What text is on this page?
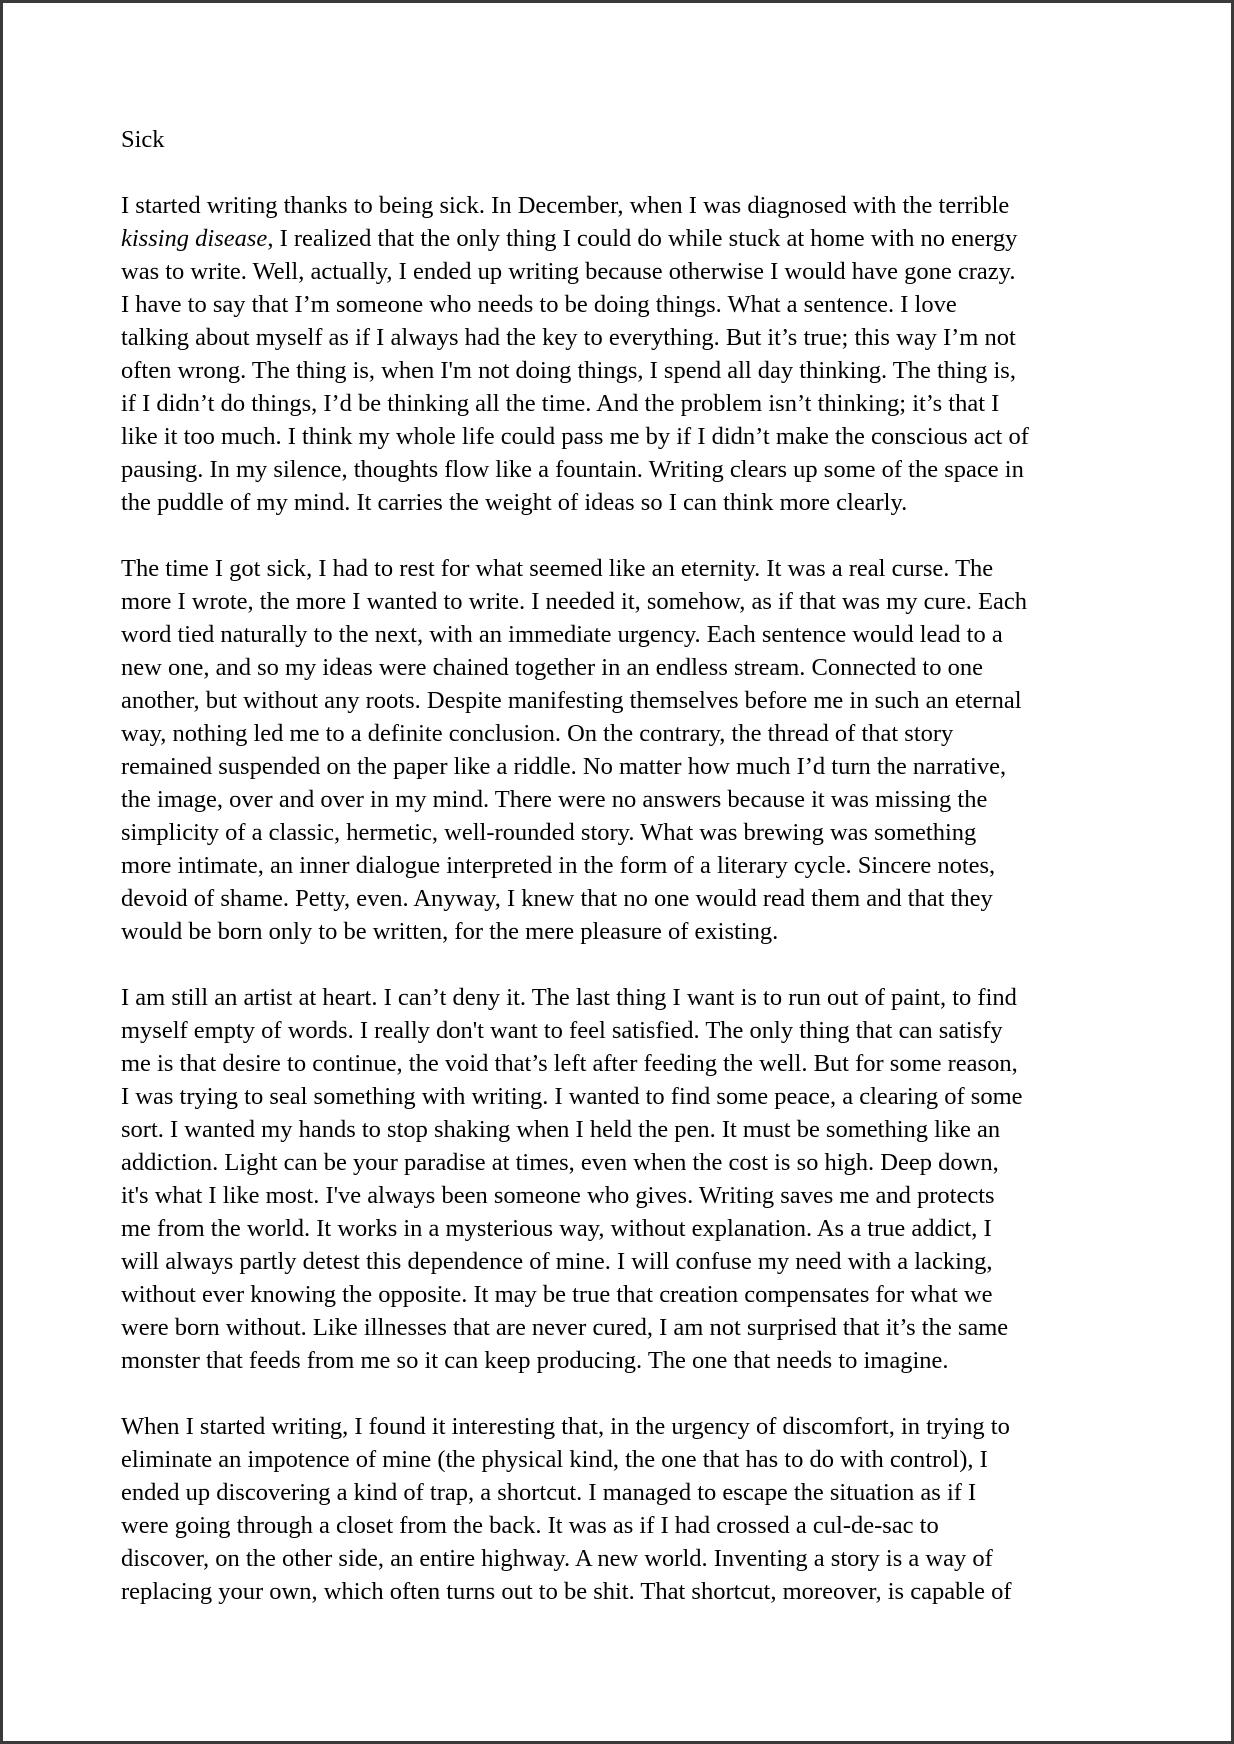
Sick
I started writing thanks to being sick. In December, when I was diagnosed with the terrible
kissing disease, I realized that the only thing I could do while stuck at home with no energy
was to write. Well, actually, I ended up writing because otherwise I would have gone crazy.
I have to say that I’m someone who needs to be doing things. What a sentence. I love
talking about myself as if I always had the key to everything. But it’s true; this way I’m not
often wrong. The thing is, when I'm not doing things, I spend all day thinking. The thing is,
if I didn’t do things, I’d be thinking all the time. And the problem isn’t thinking; it’s that I
like it too much. I think my whole life could pass me by if I didn’t make the conscious act of
pausing. In my silence, thoughts flow like a fountain. Writing clears up some of the space in
the puddle of my mind. It carries the weight of ideas so I can think more clearly.
The time I got sick, I had to rest for what seemed like an eternity. It was a real curse. The
more I wrote, the more I wanted to write. I needed it, somehow, as if that was my cure. Each
word tied naturally to the next, with an immediate urgency. Each sentence would lead to a
new one, and so my ideas were chained together in an endless stream. Connected to one
another, but without any roots. Despite manifesting themselves before me in such an eternal
way, nothing led me to a definite conclusion. On the contrary, the thread of that story
remained suspended on the paper like a riddle. No matter how much I’d turn the narrative,
the image, over and over in my mind. There were no answers because it was missing the
simplicity of a classic, hermetic, well-rounded story. What was brewing was something
more intimate, an inner dialogue interpreted in the form of a literary cycle. Sincere notes,
devoid of shame. Petty, even. Anyway, I knew that no one would read them and that they
would be born only to be written, for the mere pleasure of existing.
I am still an artist at heart. I can’t deny it. The last thing I want is to run out of paint, to find
myself empty of words. I really don't want to feel satisfied. The only thing that can satisfy
me is that desire to continue, the void that’s left after feeding the well. But for some reason,
I was trying to seal something with writing. I wanted to find some peace, a clearing of some
sort. I wanted my hands to stop shaking when I held the pen. It must be something like an
addiction. Light can be your paradise at times, even when the cost is so high. Deep down,
it's what I like most. I've always been someone who gives. Writing saves me and protects
me from the world. It works in a mysterious way, without explanation. As a true addict, I
will always partly detest this dependence of mine. I will confuse my need with a lacking,
without ever knowing the opposite. It may be true that creation compensates for what we
were born without. Like illnesses that are never cured, I am not surprised that it’s the same
monster that feeds from me so it can keep producing. The one that needs to imagine.
When I started writing, I found it interesting that, in the urgency of discomfort, in trying to
eliminate an impotence of mine (the physical kind, the one that has to do with control), I
ended up discovering a kind of trap, a shortcut. I managed to escape the situation as if I
were going through a closet from the back. It was as if I had crossed a cul-de-sac to
discover, on the other side, an entire highway. A new world. Inventing a story is a way of
replacing your own, which often turns out to be shit. That shortcut, moreover, is capable of
